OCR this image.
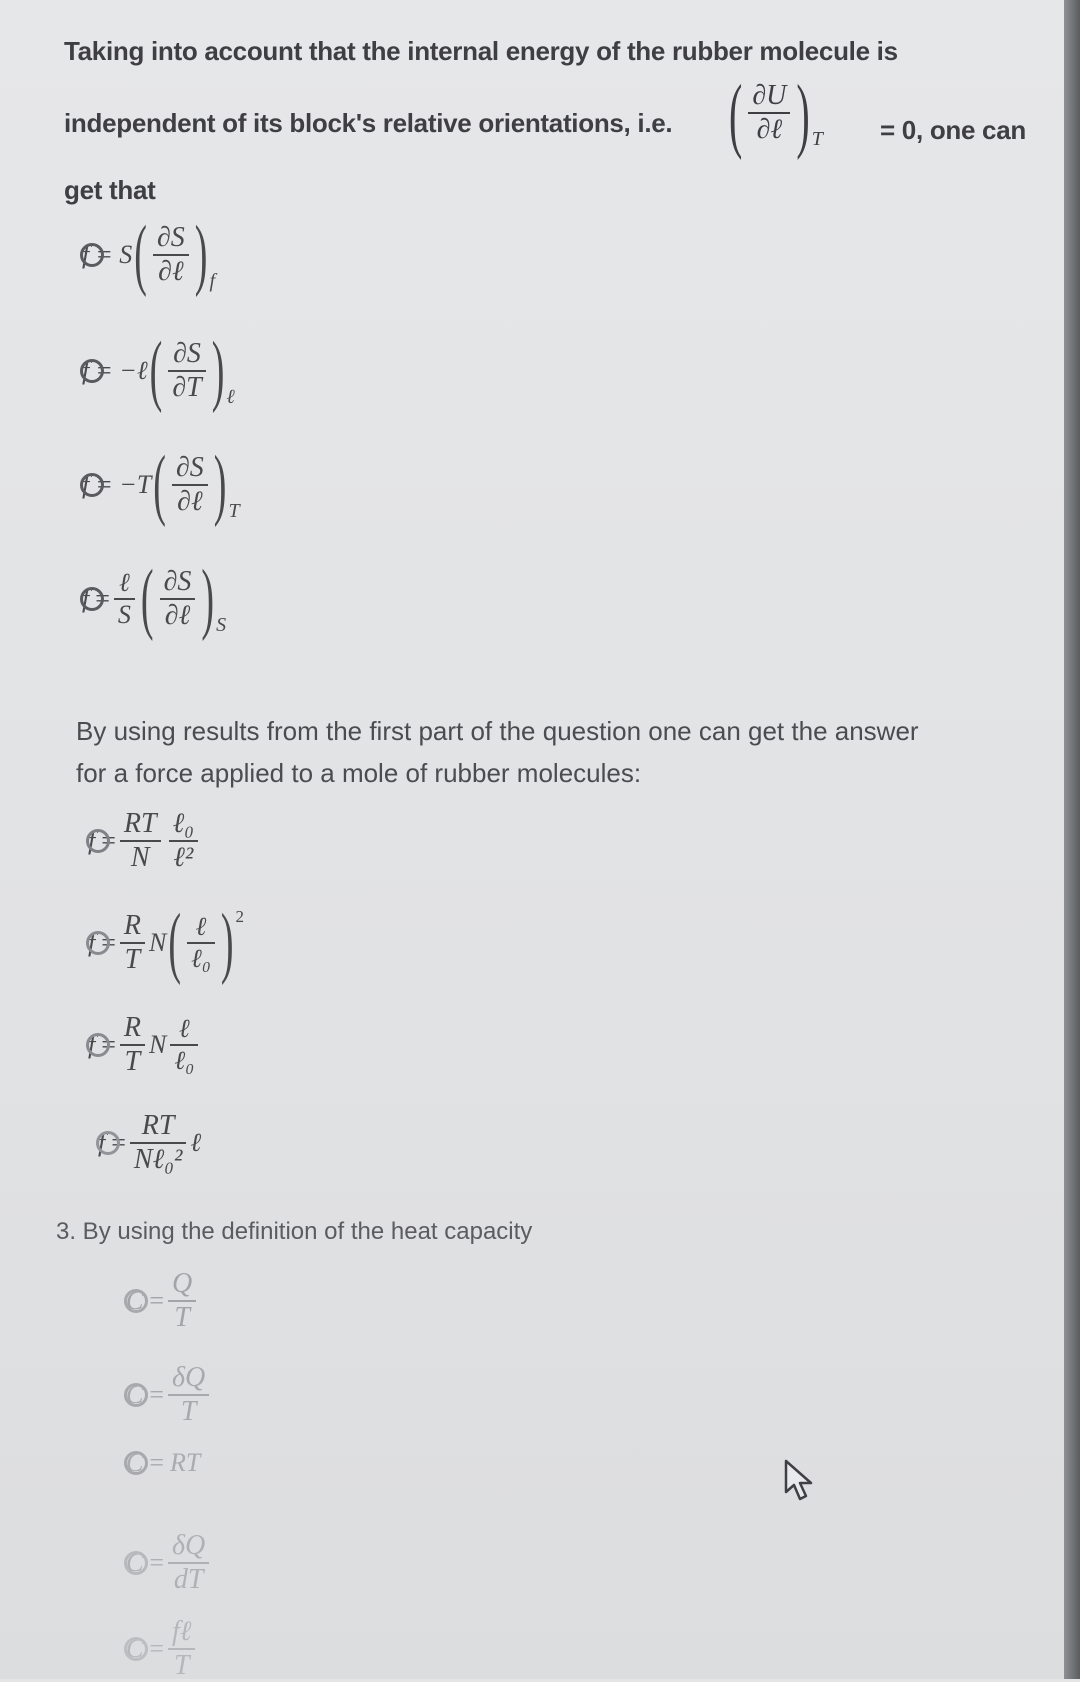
Taking into account that the internal energy of the rubber molecule is
independent of its block's relative orientations, i.e. ( $\frac{\partial U}{\text{∂ℓ}}$ ) T = 0, one can
get that
f = S ( $\frac{\partial S}{\text{∂ℓ}}$ ) f
f = −ℓ ( $\frac{\partial S}{\partial T}$ ) ℓ
f = −T ( $\frac{\partial S}{\text{∂ℓ}}$ ) T
$f = \frac{\text{ℓ}}{S}$ ( $\frac{\partial S}{\text{∂ℓ}}$ ) S
By using results from the first part of the question one can get the answer
for a force applied to a mole of rubber molecules:
$f = \frac{RT}{N} \frac{\text{ℓ₀}}{\text{ℓ²}}$
$f = \frac{R}{T}$ N ( $\frac{\text{ℓ}}{\text{ℓ₀}}$ ) 2
$f = \frac{R}{T}$ N $\frac{\text{ℓ}}{\text{ℓ₀}}$
$f = \frac{RT}{\text{Nℓ₀²}}$ ℓ
3. By using the definition of the heat capacity
$C = \frac{Q}{T}$
$C = \frac{\delta Q}{T}$
C = RT
$C = \frac{\delta Q}{dT}$
$C = \frac{\text{fℓ}}{T}$
